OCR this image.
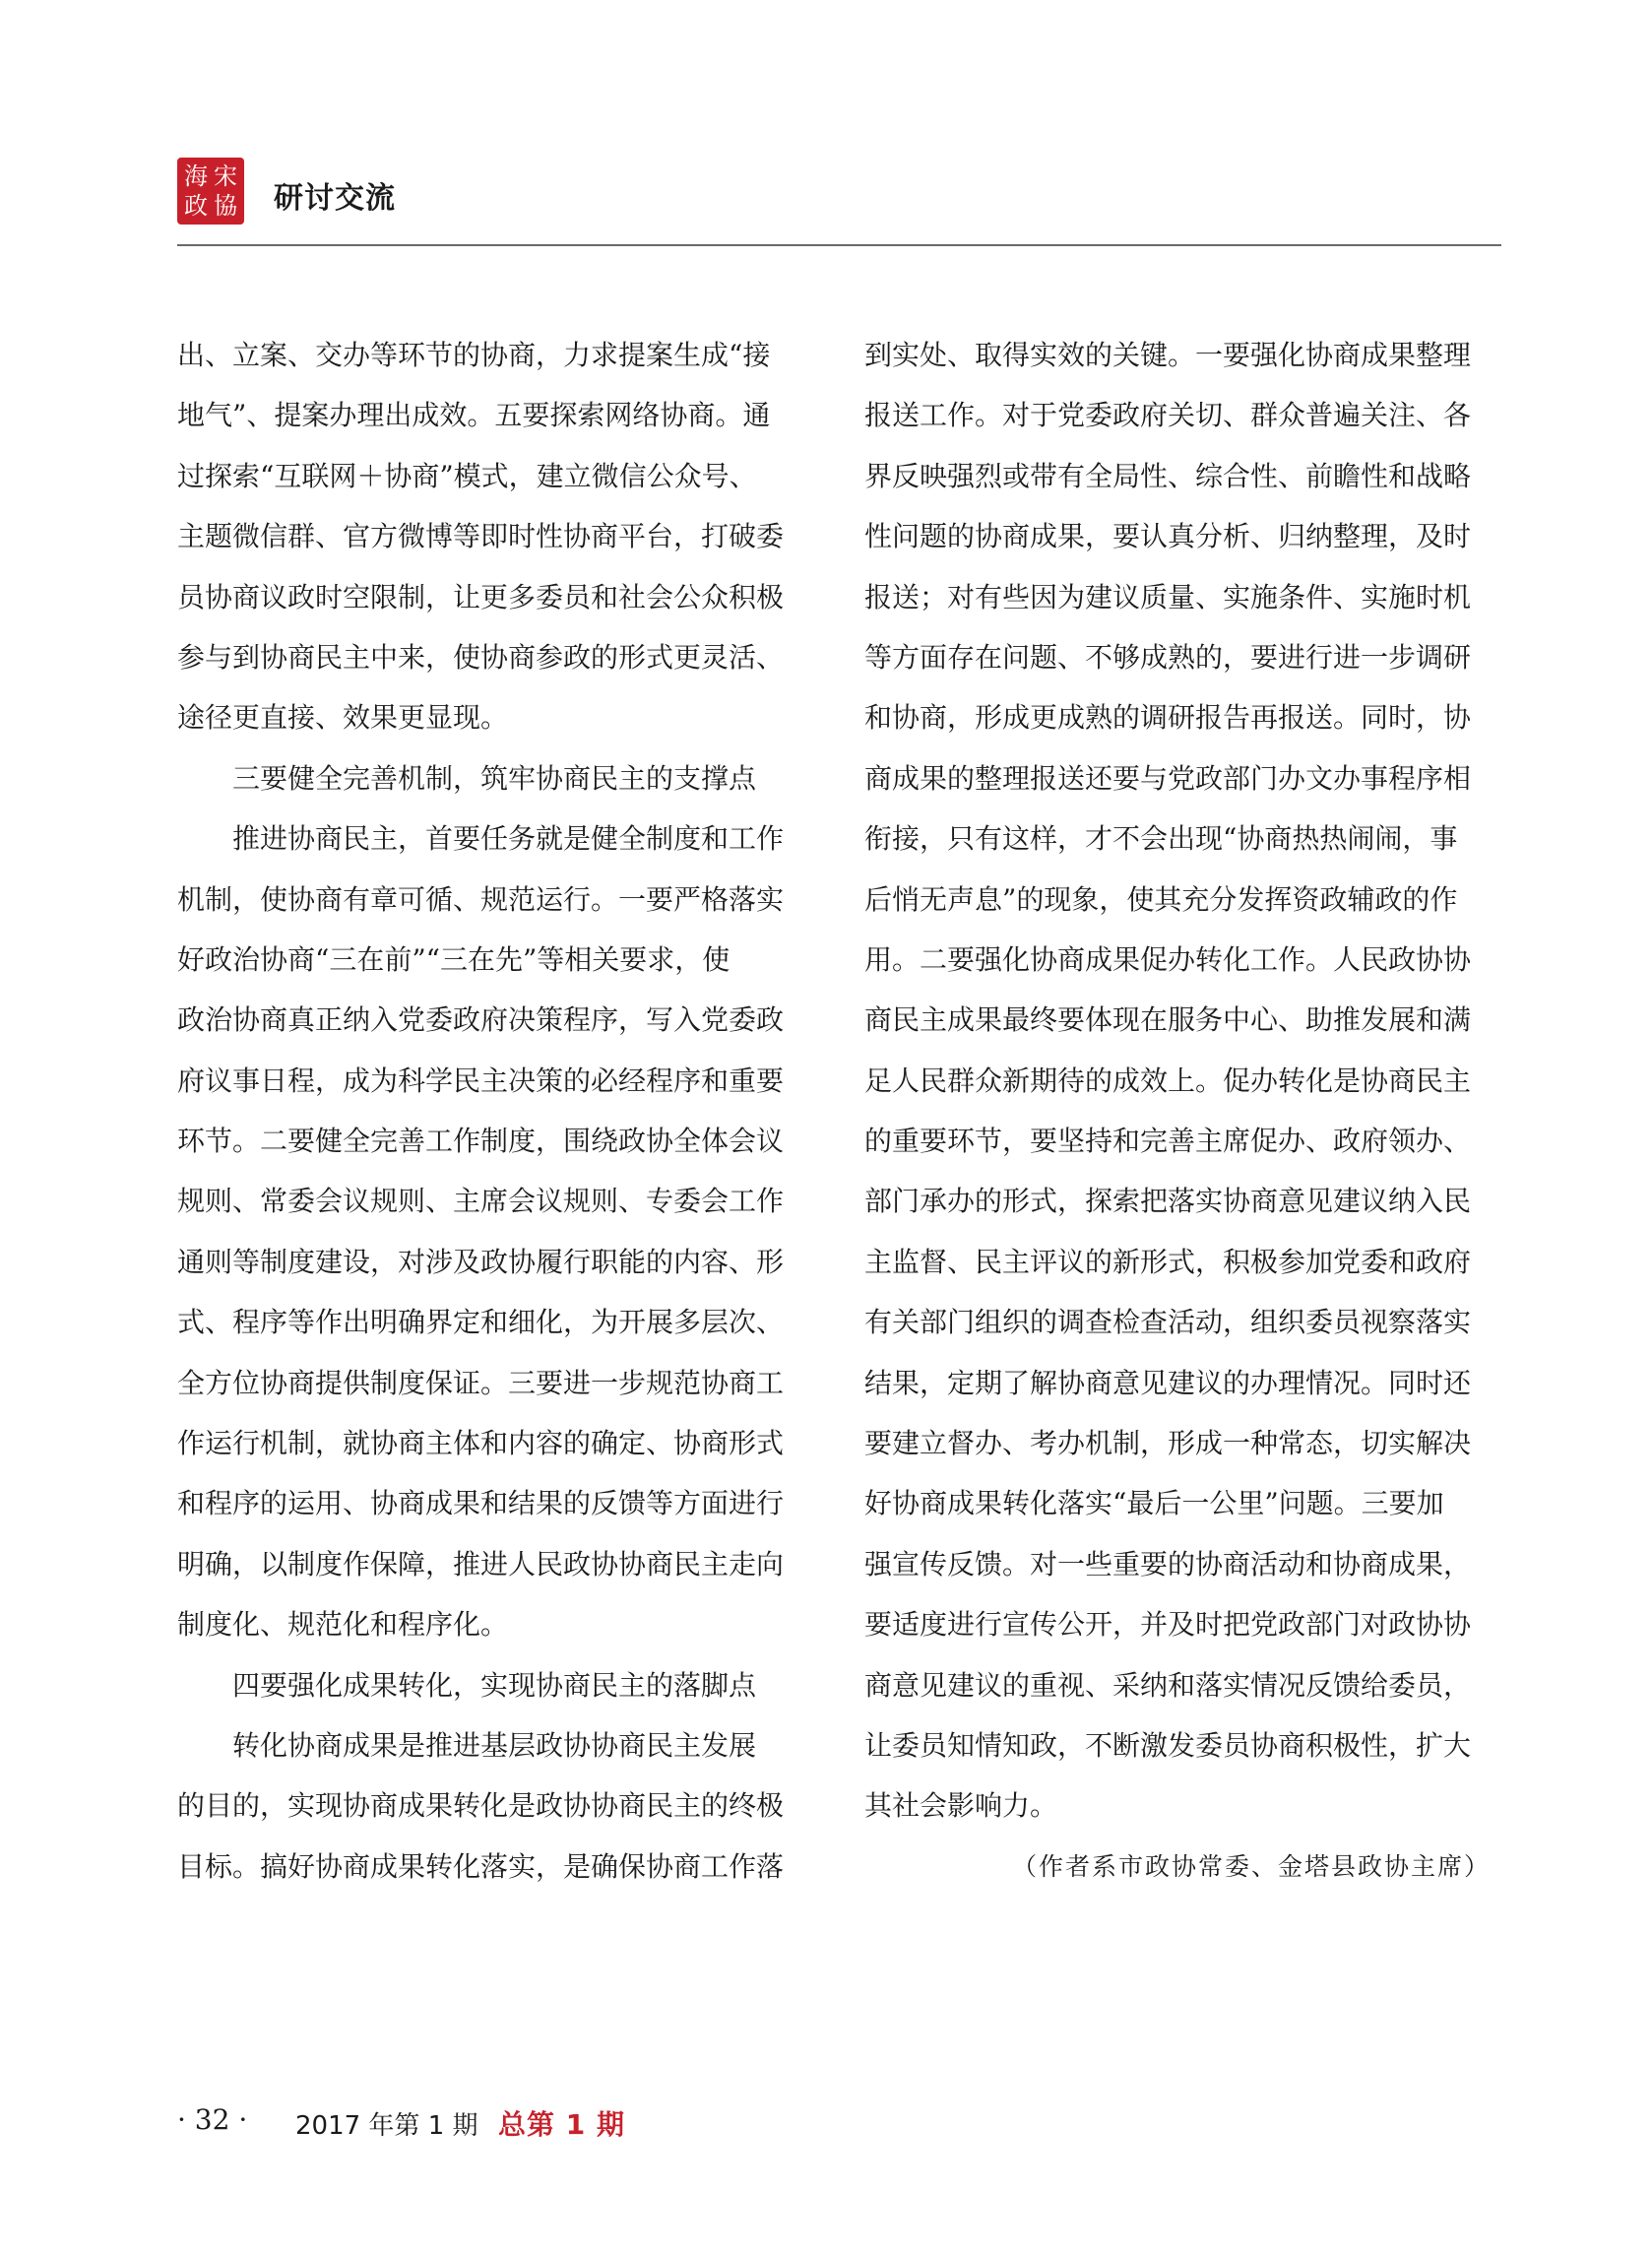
海 宋
政 協 研讨交流
出、立案、交办等环节的协商，力求提案生成“接
地气”、提案办理出成效。五要探索网络协商。通
过探索“互联网＋协商”模式，建立微信公众号、
主题微信群、官方微博等即时性协商平台，打破委
员协商议政时空限制，让更多委员和社会公众积极
参与到协商民主中来，使协商参政的形式更灵活、
途径更直接、效果更显现。
三要健全完善机制，筑牢协商民主的支撑点
推进协商民主，首要任务就是健全制度和工作
机制，使协商有章可循、规范运行。一要严格落实
好政治协商“三在前”“三在先”等相关要求，使
政治协商真正纳入党委政府决策程序，写入党委政
府议事日程，成为科学民主决策的必经程序和重要
环节。二要健全完善工作制度，围绕政协全体会议
规则、常委会议规则、主席会议规则、专委会工作
通则等制度建设，对涉及政协履行职能的内容、形
式、程序等作出明确界定和细化，为开展多层次、
全方位协商提供制度保证。三要进一步规范协商工
作运行机制，就协商主体和内容的确定、协商形式
和程序的运用、协商成果和结果的反馈等方面进行
明确，以制度作保障，推进人民政协协商民主走向
制度化、规范化和程序化。
四要强化成果转化，实现协商民主的落脚点
转化协商成果是推进基层政协协商民主发展
的目的，实现协商成果转化是政协协商民主的终极
目标。搞好协商成果转化落实，是确保协商工作落
到实处、取得实效的关键。一要强化协商成果整理
报送工作。对于党委政府关切、群众普遍关注、各
界反映强烈或带有全局性、综合性、前瞻性和战略
性问题的协商成果，要认真分析、归纳整理，及时
报送；对有些因为建议质量、实施条件、实施时机
等方面存在问题、不够成熟的，要进行进一步调研
和协商，形成更成熟的调研报告再报送。同时，协
商成果的整理报送还要与党政部门办文办事程序相
衔接，只有这样，才不会出现“协商热热闹闹，事
后悄无声息”的现象，使其充分发挥资政辅政的作
用。二要强化协商成果促办转化工作。人民政协协
商民主成果最终要体现在服务中心、助推发展和满
足人民群众新期待的成效上。促办转化是协商民主
的重要环节，要坚持和完善主席促办、政府领办、
部门承办的形式，探索把落实协商意见建议纳入民
主监督、民主评议的新形式，积极参加党委和政府
有关部门组织的调查检查活动，组织委员视察落实
结果，定期了解协商意见建议的办理情况。同时还
要建立督办、考办机制，形成一种常态，切实解决
好协商成果转化落实“最后一公里”问题。三要加
强宣传反馈。对一些重要的协商活动和协商成果，
要适度进行宣传公开，并及时把党政部门对政协协
商意见建议的重视、采纳和落实情况反馈给委员，
让委员知情知政，不断激发委员协商积极性，扩大
其社会影响力。
（作者系市政协常委、金塔县政协主席）
· 32 · 2017 年第 1 期 总第 1 期
